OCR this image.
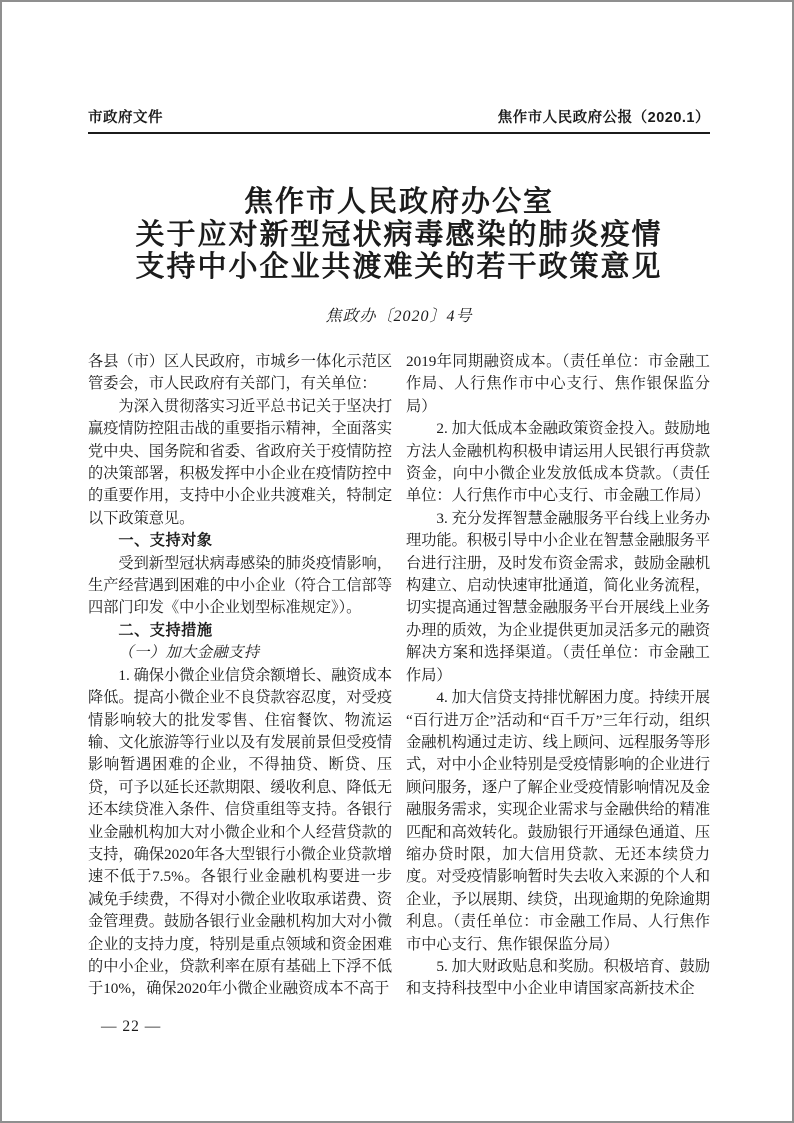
市政府文件	焦作市人民政府公报（2020.1）
焦作市人民政府办公室
关于应对新型冠状病毒感染的肺炎疫情
支持中小企业共渡难关的若干政策意见
焦政办〔2020〕4号

各县（市）区人民政府，市城乡一体化示范区管委会，市人民政府有关部门，有关单位：

为深入贯彻落实习近平总书记关于坚决打赢疫情防控阻击战的重要指示精神，全面落实党中央、国务院和省委、省政府关于疫情防控的决策部署，积极发挥中小企业在疫情防控中的重要作用，支持中小企业共渡难关，特制定以下政策意见。

一、支持对象

受到新型冠状病毒感染的肺炎疫情影响，生产经营遇到困难的中小企业（符合工信部等四部门印发《中小企业划型标准规定》）。

二、支持措施

（一）加大金融支持

1. 确保小微企业信贷余额增长、融资成本降低。提高小微企业不良贷款容忍度，对受疫情影响较大的批发零售、住宿餐饮、物流运输、文化旅游等行业以及有发展前景但受疫情影响暂遇困难的企业，不得抽贷、断贷、压贷，可予以延长还款期限、缓收利息、降低无还本续贷准入条件、信贷重组等支持。各银行业金融机构加大对小微企业和个人经营贷款的支持，确保2020年各大型银行小微企业贷款增速不低于7.5%。各银行业金融机构要进一步减免手续费，不得对小微企业收取承诺费、资金管理费。鼓励各银行业金融机构加大对小微企业的支持力度，特别是重点领域和资金困难的中小企业，贷款利率在原有基础上下浮不低于10%，确保2020年小微企业融资成本不高于

2019年同期融资成本。（责任单位：市金融工作局、人行焦作市中心支行、焦作银保监分局）

2. 加大低成本金融政策资金投入。鼓励地方法人金融机构积极申请运用人民银行再贷款资金，向中小微企业发放低成本贷款。（责任单位：人行焦作市中心支行、市金融工作局）

3. 充分发挥智慧金融服务平台线上业务办理功能。积极引导中小企业在智慧金融服务平台进行注册，及时发布资金需求，鼓励金融机构建立、启动快速审批通道，简化业务流程，切实提高通过智慧金融服务平台开展线上业务办理的质效，为企业提供更加灵活多元的融资解决方案和选择渠道。（责任单位：市金融工作局）

4. 加大信贷支持排忧解困力度。持续开展“百行进万企”活动和“百千万”三年行动，组织金融机构通过走访、线上顾问、远程服务等形式，对中小企业特别是受疫情影响的企业进行顾问服务，逐户了解企业受疫情影响情况及金融服务需求，实现企业需求与金融供给的精准匹配和高效转化。鼓励银行开通绿色通道、压缩办贷时限，加大信用贷款、无还本续贷力度。对受疫情影响暂时失去收入来源的个人和企业，予以展期、续贷，出现逾期的免除逾期利息。（责任单位：市金融工作局、人行焦作市中心支行、焦作银保监分局）

5. 加大财政贴息和奖励。积极培育、鼓励和支持科技型中小企业申请国家高新技术企

— 22 —
